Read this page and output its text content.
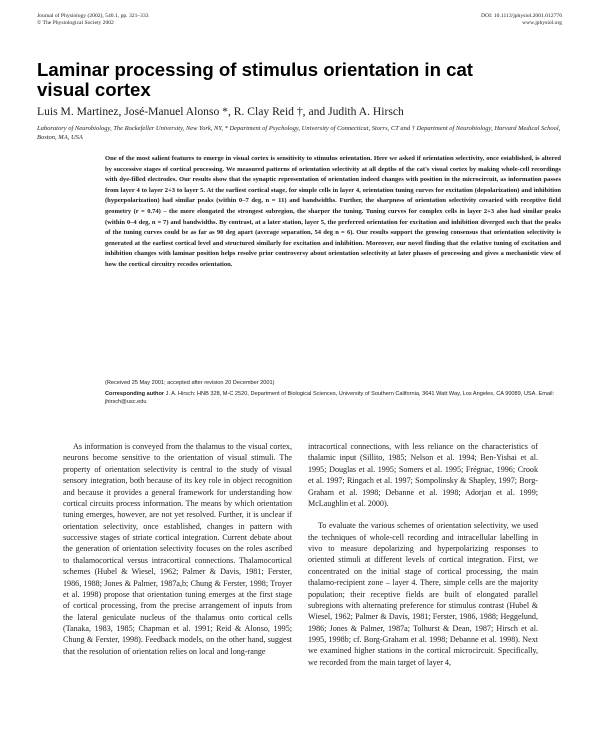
Journal of Physiology (2002), 540.1, pp. 321–333
© The Physiological Society 2002
DOI: 10.1113/jphysiol.2001.012776
www.jphysiol.org
Laminar processing of stimulus orientation in cat visual cortex
Luis M. Martinez, José-Manuel Alonso *, R. Clay Reid †, and Judith A. Hirsch
Laboratory of Neurobiology, The Rockefeller University, New York, NY, * Department of Psychology, University of Connecticut, Storrs, CT and † Department of Neurobiology, Harvard Medical School, Boston, MA, USA

One of the most salient features to emerge in visual cortex is sensitivity to stimulus orientation. Here we asked if orientation selectivity, once established, is altered by successive stages of cortical processing. We measured patterns of orientation selectivity at all depths of the cat's visual cortex by making whole-cell recordings with dye-filled electrodes. Our results show that the synaptic representation of orientation indeed changes with position in the microcircuit, as information passes from layer 4 to layer 2+3 to layer 5. At the earliest cortical stage, for simple cells in layer 4, orientation tuning curves for excitation (depolarization) and inhibition (hyperpolarization) had similar peaks (within 0–7 deg, n = 11) and bandwidths. Further, the sharpness of orientation selectivity covaried with receptive field geometry (r = 0.74) – the more elongated the strongest subregion, the sharper the tuning. Tuning curves for complex cells in layer 2+3 also had similar peaks (within 0–4 deg, n = 7) and bandwidths. By contrast, at a later station, layer 5, the preferred orientation for excitation and inhibition diverged such that the peaks of the tuning curves could be as far as 90 deg apart (average separation, 54 deg n = 6). Our results support the growing consensus that orientation selectivity is generated at the earliest cortical level and structured similarly for excitation and inhibition. Moreover, our novel finding that the relative tuning of excitation and inhibition changes with laminar position helps resolve prior controversy about orientation selectivity at later phases of processing and gives a mechanistic view of how the cortical circuitry recodes orientation.

(Received 25 May 2001; accepted after revision 20 December 2001)
Corresponding author J. A. Hirsch: HNB 328, M-C 2520, Department of Biological Sciences, University of Southern California, 3641 Watt Way, Los Angeles, CA 90089, USA. Email: jhirsch@usc.edu

As information is conveyed from the thalamus to the visual cortex, neurons become sensitive to the orientation of visual stimuli. The property of orientation selectivity is central to the study of visual sensory integration, both because of its key role in object recognition and because it provides a general framework for understanding how cortical circuits process information. The means by which orientation tuning emerges, however, are not yet resolved. Further, it is unclear if orientation selectivity, once established, changes in pattern with successive stages of striate cortical integration. Current debate about the generation of orientation selectivity focuses on the roles ascribed to thalamocortical versus intracortical connections. Thalamocortical schemes (Hubel & Wiesel, 1962; Palmer & Davis, 1981; Ferster, 1986, 1988; Jones & Palmer, 1987a,b; Chung & Ferster, 1998; Troyer et al. 1998) propose that orientation tuning emerges at the first stage of cortical processing, from the precise arrangement of inputs from the lateral geniculate nucleus of the thalamus onto cortical cells (Tanaka, 1983, 1985; Chapman et al. 1991; Reid & Alonso, 1995; Chung & Ferster, 1998). Feedback models, on the other hand, suggest that the resolution of orientation relies on local and long-range

intracortical connections, with less reliance on the characteristics of thalamic input (Sillito, 1985; Nelson et al. 1994; Ben-Yishai et al. 1995; Douglas et al. 1995; Somers et al. 1995; Frégnac, 1996; Crook et al. 1997; Ringach et al. 1997; Sompolinsky & Shapley, 1997; Borg-Graham et al. 1998; Debanne et al. 1998; Adorjan et al. 1999; McLaughlin et al. 2000).

To evaluate the various schemes of orientation selectivity, we used the techniques of whole-cell recording and intracellular labelling in vivo to measure depolarizing and hyperpolarizing responses to oriented stimuli at different levels of cortical integration. First, we concentrated on the initial stage of cortical processing, the main thalamo-recipient zone – layer 4. There, simple cells are the majority population; their receptive fields are built of elongated parallel subregions with alternating preference for stimulus contrast (Hubel & Wiesel, 1962; Palmer & Davis, 1981; Ferster, 1986, 1988; Heggelund, 1986; Jones & Palmer, 1987a; Tolhurst & Dean, 1987; Hirsch et al. 1995, 1998b; cf. Borg-Graham et al. 1998; Debanne et al. 1998). Next we examined higher stations in the cortical microcircuit. Specifically, we recorded from the main target of layer 4,
